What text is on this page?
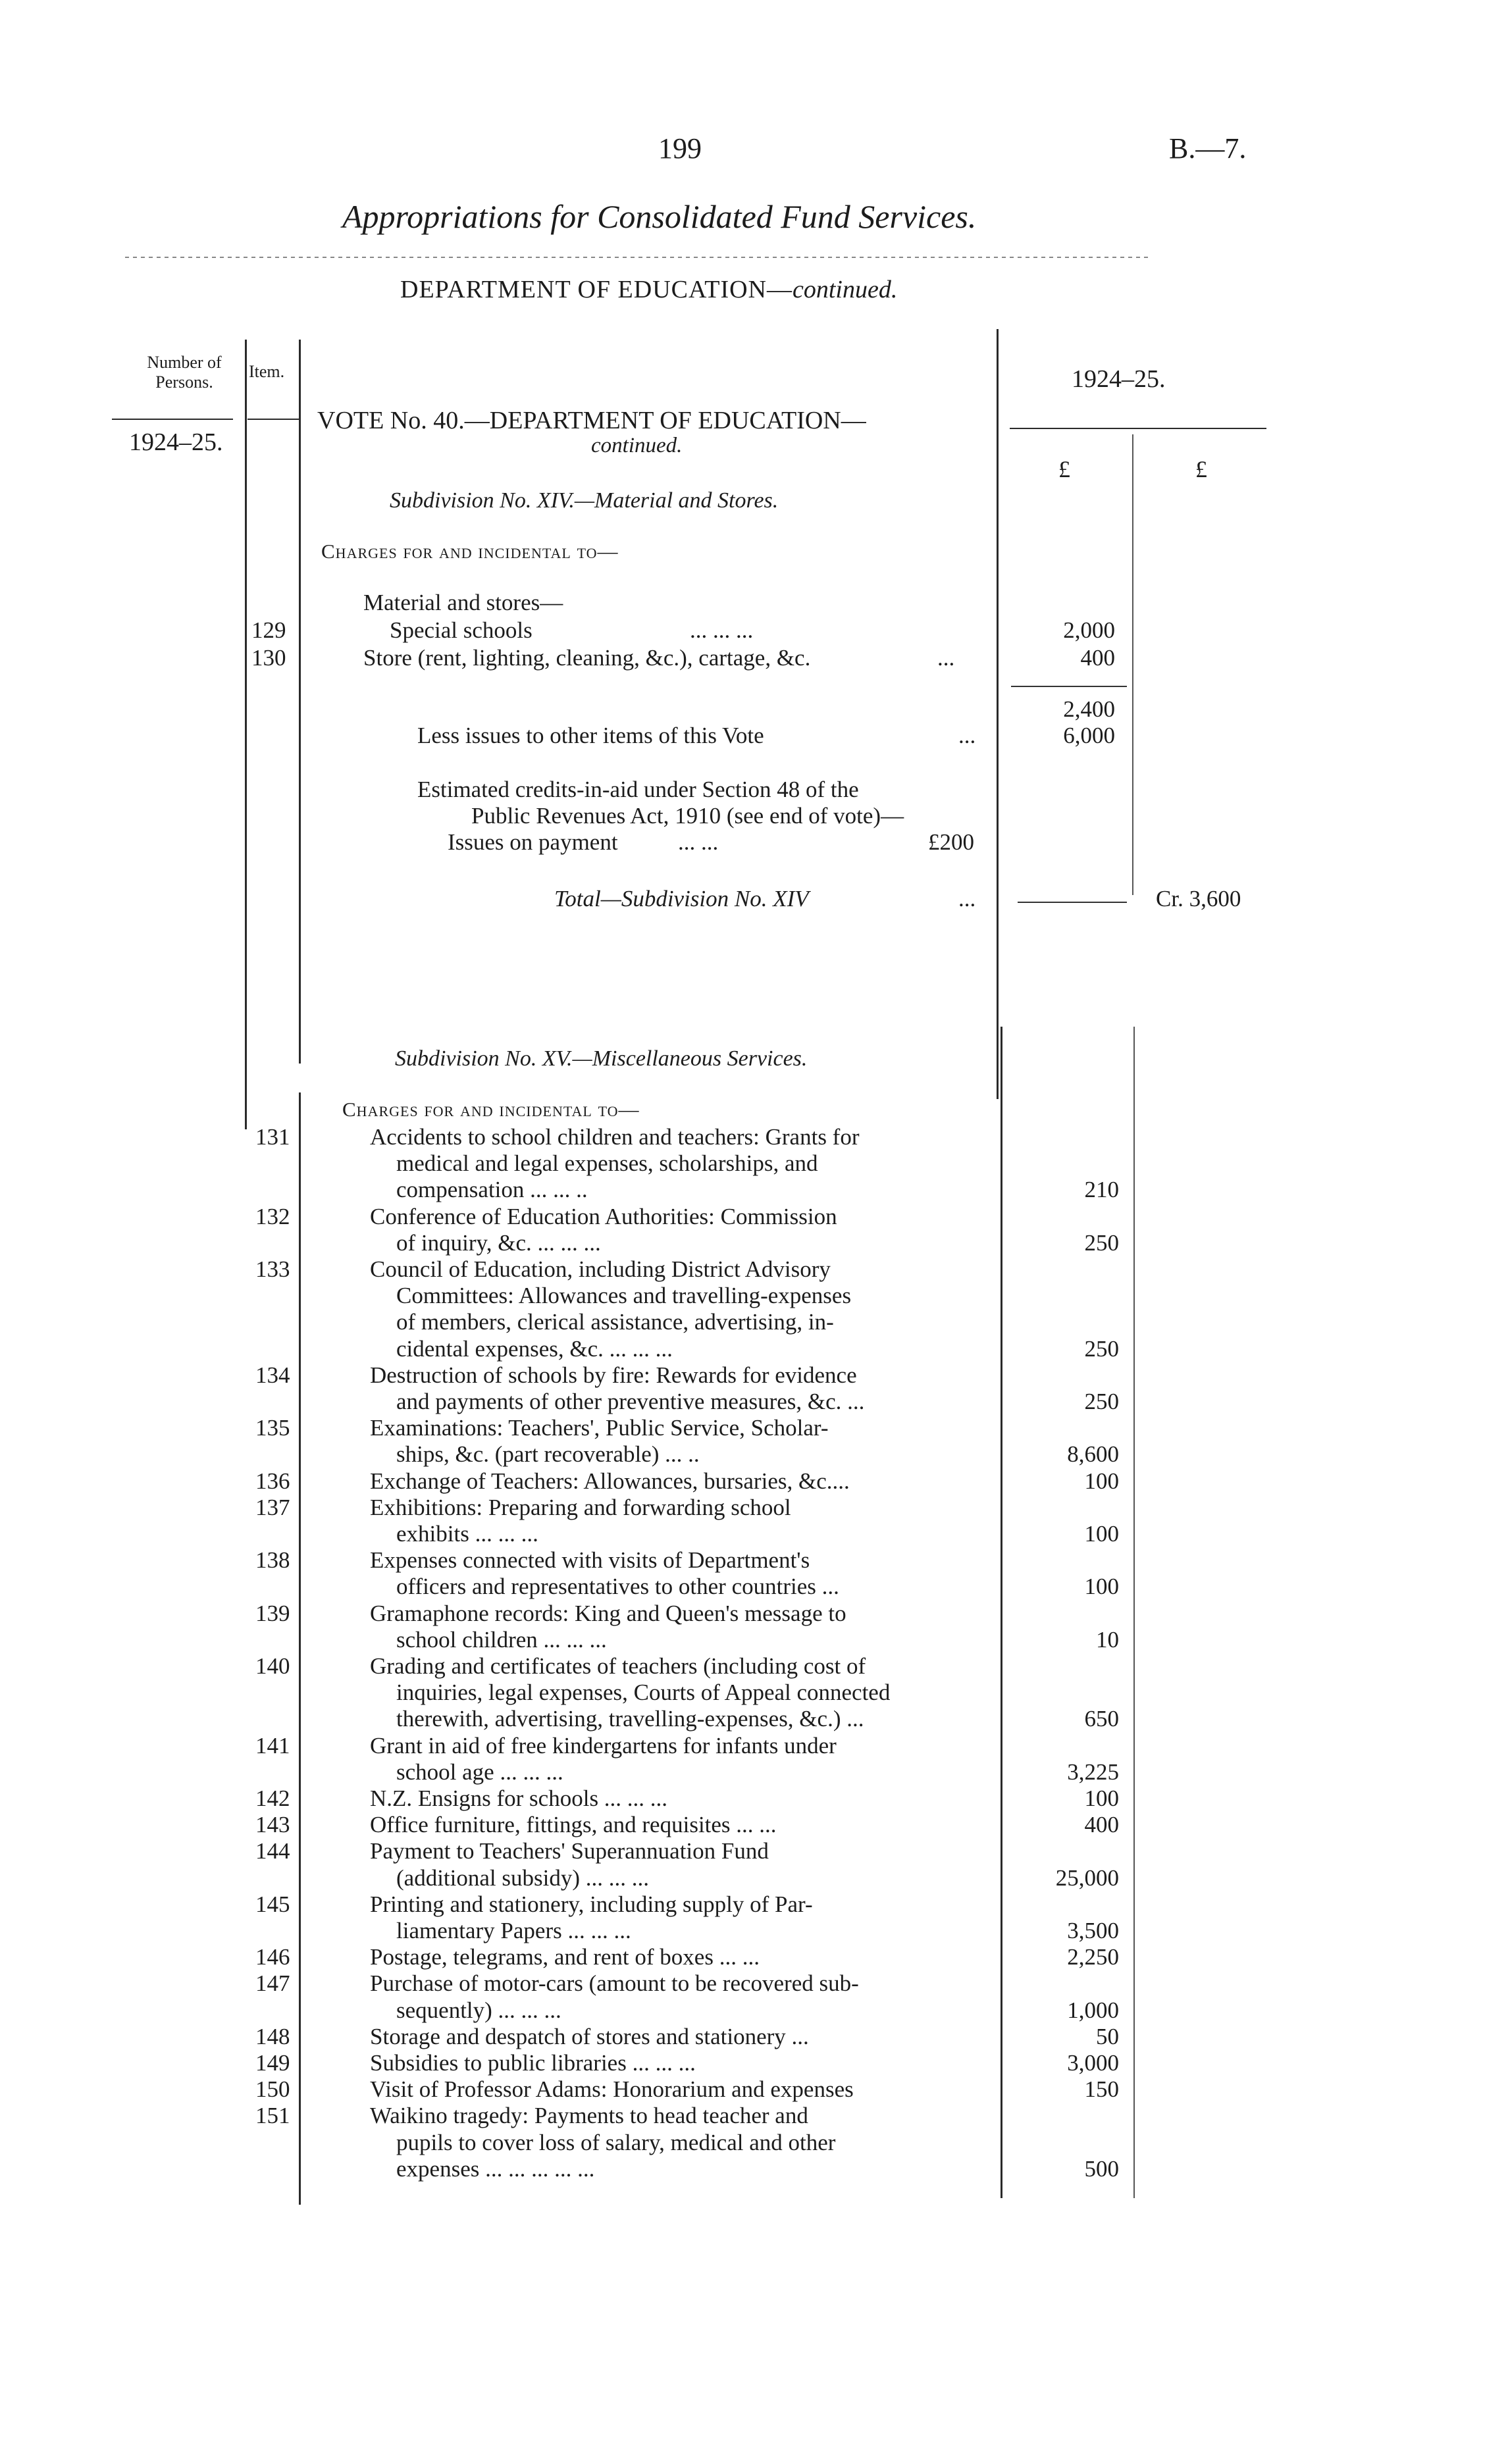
199	B.—7.
Appropriations for Consolidated Fund Services.
DEPARTMENT OF EDUCATION—continued.
Number of Persons.
Item.
1924–25.
1924–25.
£	£
VOTE No. 40.—DEPARTMENT OF EDUCATION—
continued.
Subdivision No. XIV.—Material and Stores.
Charges for and incidental to—
Material and stores—
129	Special schools	... ... ...	2,000
130	Store (rent, lighting, cleaning, &c.), cartage, &c.	...	400
2,400
Less issues to other items of this Vote	...	6,000
Estimated credits-in-aid under Section 48 of the
Public Revenues Act, 1910 (see end of vote)—
Issues on payment	... ...	£200
Total—Subdivision No. XIV	...	Cr. 3,600
Subdivision No. XV.—Miscellaneous Services.
Charges for and incidental to—
131	Accidents to school children and teachers: Grants for
medical and legal expenses, scholarships, and
compensation ... ... ..	210
132	Conference of Education Authorities: Commission
of inquiry, &c. ... ... ...	250
133	Council of Education, including District Advisory
Committees: Allowances and travelling-expenses
of members, clerical assistance, advertising, in-
cidental expenses, &c. ... ... ...	250
134	Destruction of schools by fire: Rewards for evidence
and payments of other preventive measures, &c. ...	250
135	Examinations: Teachers', Public Service, Scholar-
ships, &c. (part recoverable) ... ..	8,600
136	Exchange of Teachers: Allowances, bursaries, &c....	100
137	Exhibitions: Preparing and forwarding school
exhibits ... ... ...	100
138	Expenses connected with visits of Department's
officers and representatives to other countries ...	100
139	Gramaphone records: King and Queen's message to
school children ... ... ...	10
140	Grading and certificates of teachers (including cost of
inquiries, legal expenses, Courts of Appeal connected
therewith, advertising, travelling-expenses, &c.) ...	650
141	Grant in aid of free kindergartens for infants under
school age ... ... ...	3,225
142	N.Z. Ensigns for schools ... ... ...	100
143	Office furniture, fittings, and requisites ... ...	400
144	Payment to Teachers' Superannuation Fund
(additional subsidy) ... ... ...	25,000
145	Printing and stationery, including supply of Par-
liamentary Papers ... ... ...	3,500
146	Postage, telegrams, and rent of boxes ... ...	2,250
147	Purchase of motor-cars (amount to be recovered sub-
sequently) ... ... ...	1,000
148	Storage and despatch of stores and stationery ...	50
149	Subsidies to public libraries ... ... ...	3,000
150	Visit of Professor Adams: Honorarium and expenses	150
151	Waikino tragedy: Payments to head teacher and
pupils to cover loss of salary, medical and other
expenses ... ... ... ... ...	500
